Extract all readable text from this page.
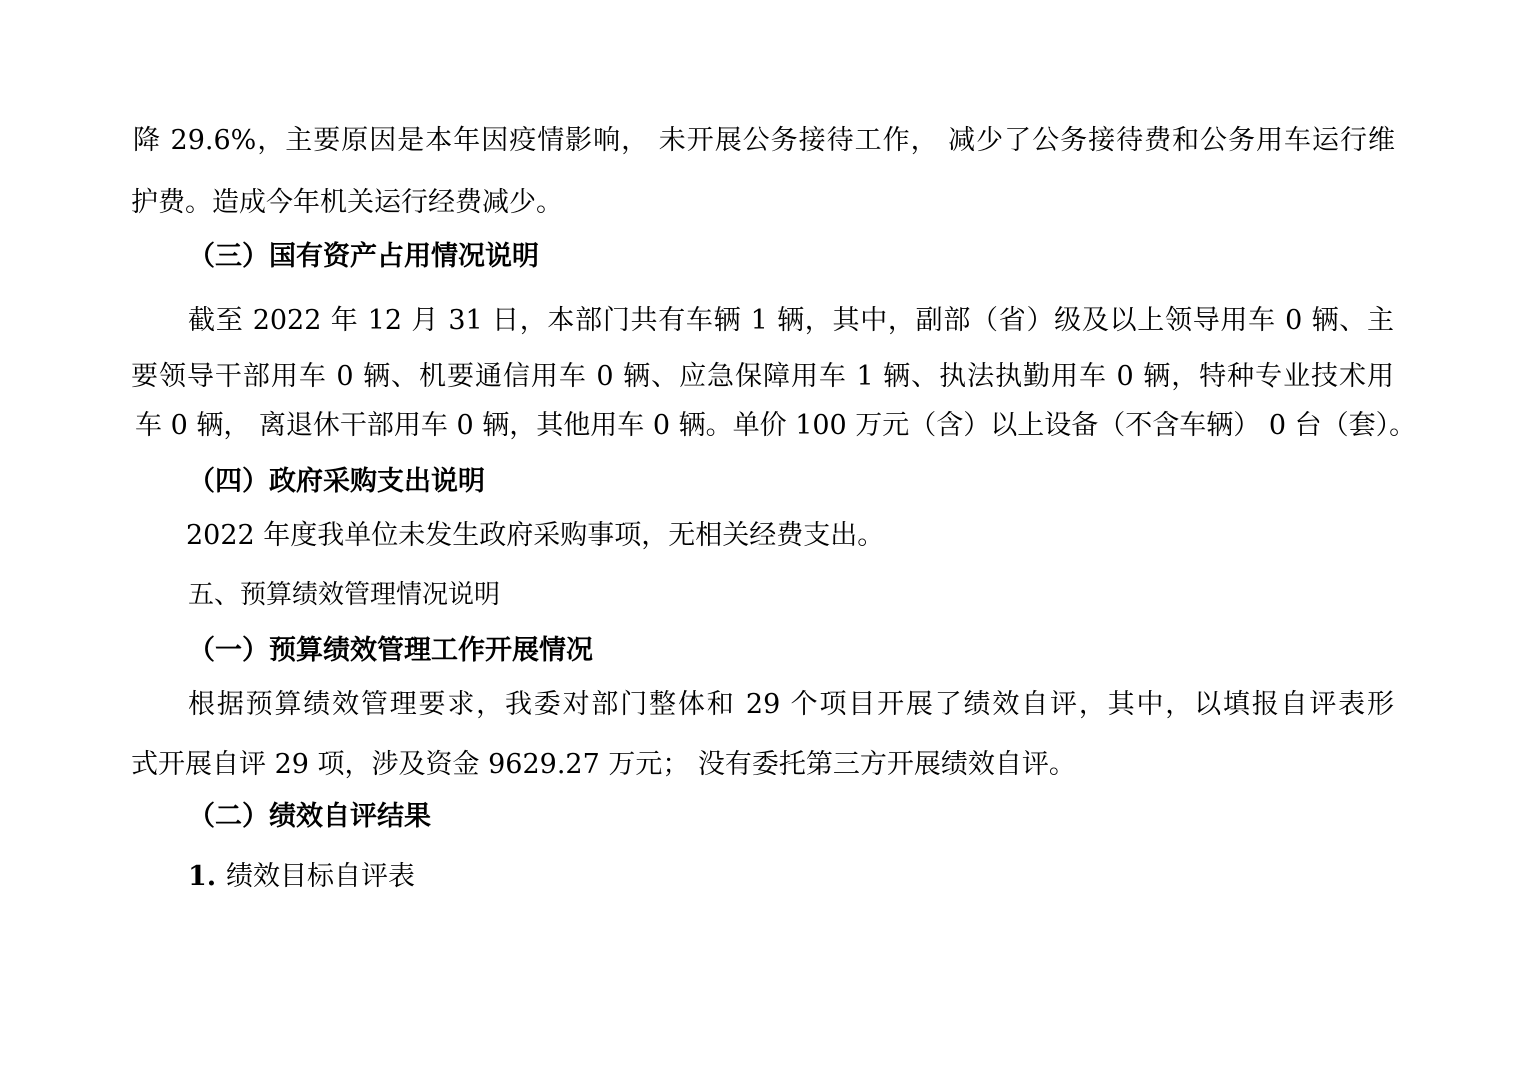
降 29.6%，主要原因是本年因疫情影响， 未开展公务接待工作， 减少了公务接待费和公务用车运行维
护费。造成今年机关运行经费减少。
（三）国有资产占用情况说明
截至 2022 年 12 月 31 日，本部门共有车辆 1 辆，其中，副部（省）级及以上领导用车 0 辆、主
要领导干部用车 0 辆、机要通信用车 0 辆、应急保障用车 1 辆、执法执勤用车 0 辆，特种专业技术用
车 0 辆， 离退休干部用车 0 辆，其他用车 0 辆。单价 100 万元（含）以上设备（不含车辆） 0 台（套）。
（四）政府采购支出说明
2022 年度我单位未发生政府采购事项，无相关经费支出。
五、预算绩效管理情况说明
（一）预算绩效管理工作开展情况
根据预算绩效管理要求，我委对部门整体和 29 个项目开展了绩效自评，其中，以填报自评表形
式开展自评 29 项，涉及资金 9629.27 万元； 没有委托第三方开展绩效自评。
（二）绩效自评结果
1. 绩效目标自评表
